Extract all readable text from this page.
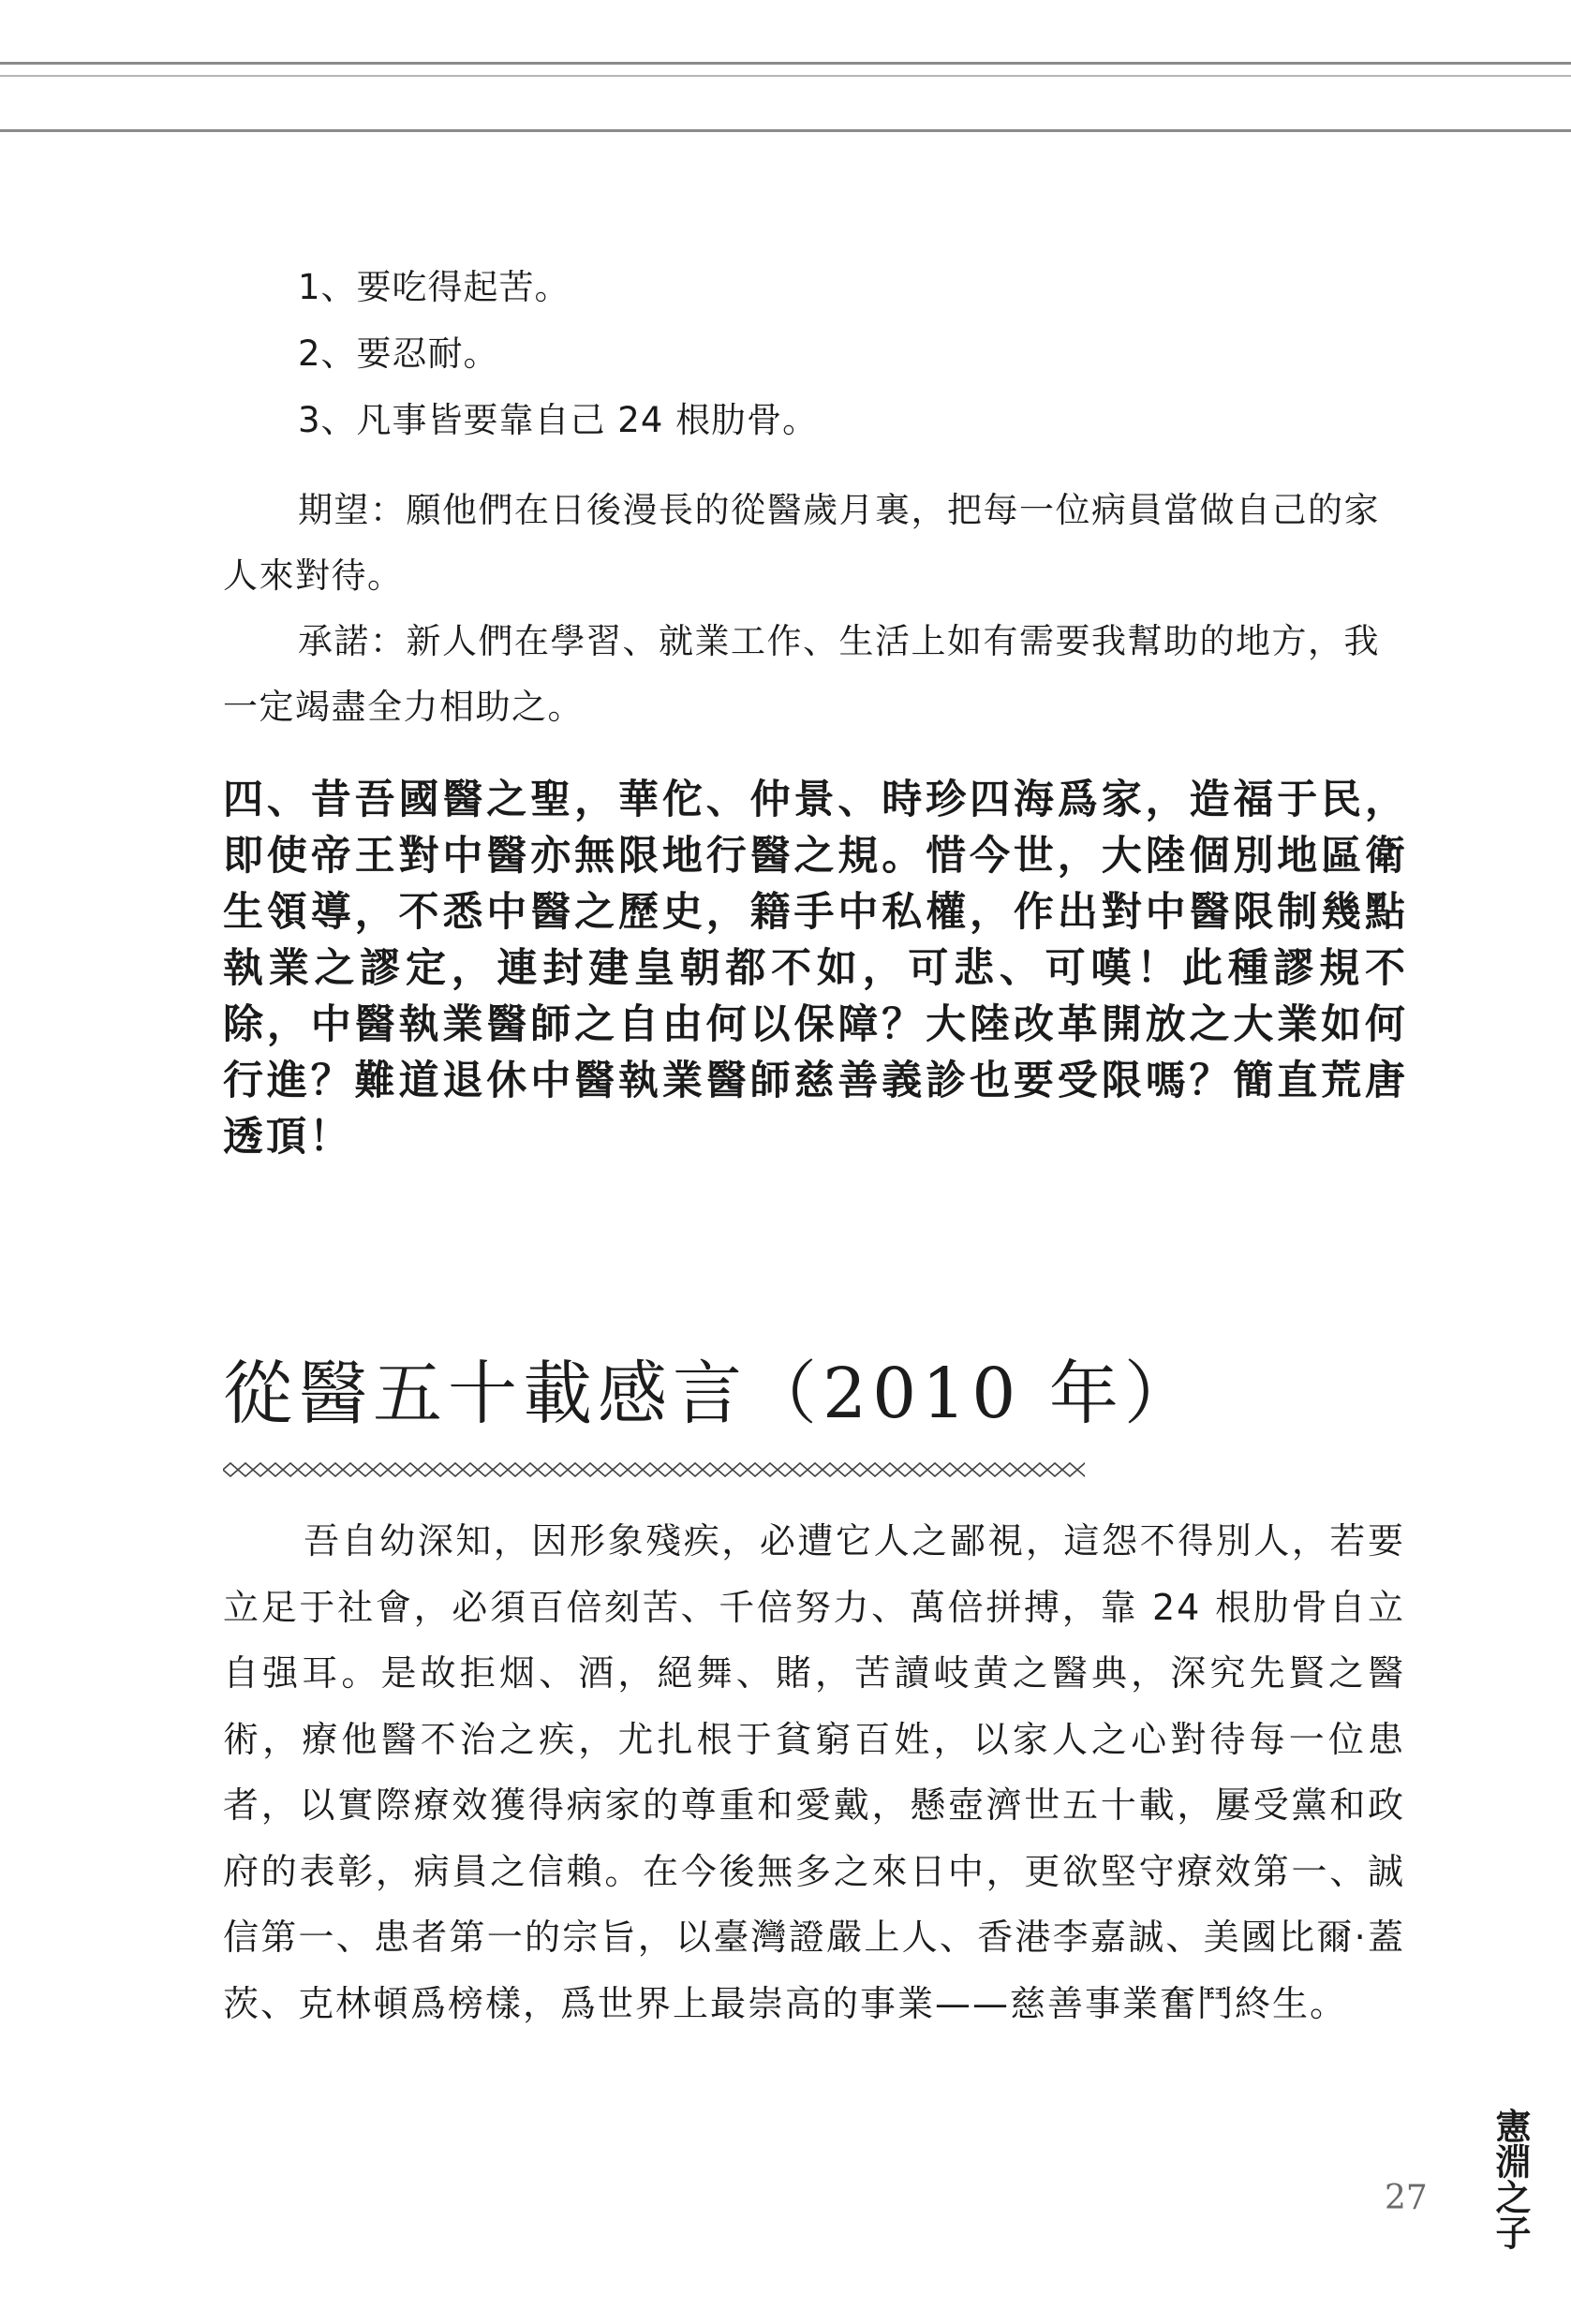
1、要吃得起苦。
2、要忍耐。
3、凡事皆要靠自己 24 根肋骨。

期望：願他們在日後漫長的從醫歲月裏，把每一位病員當做自己的家人來對待。

承諾：新人們在學習、就業工作、生活上如有需要我幫助的地方，我一定竭盡全力相助之。

四、昔吾國醫之聖，華佗、仲景、時珍四海爲家，造福于民，即使帝王對中醫亦無限地行醫之規。惜今世，大陸個別地區衛生領導，不悉中醫之歷史，籍手中私權，作出對中醫限制幾點執業之謬定，連封建皇朝都不如，可悲、可嘆！此種謬規不除，中醫執業醫師之自由何以保障？大陸改革開放之大業如何行進？難道退休中醫執業醫師慈善義診也要受限嗎？簡直荒唐透頂！

從醫五十載感言（2010 年）

吾自幼深知，因形象殘疾，必遭它人之鄙視，這怨不得別人，若要立足于社會，必須百倍刻苦、千倍努力、萬倍拼搏，靠 24 根肋骨自立自强耳。是故拒烟、酒，絕舞、賭，苦讀岐黄之醫典，深究先賢之醫術，療他醫不治之疾，尤扎根于貧窮百姓，以家人之心對待每一位患者，以實際療效獲得病家的尊重和愛戴，懸壺濟世五十載，屢受黨和政府的表彰，病員之信賴。在今後無多之來日中，更欲堅守療效第一、誠信第一、患者第一的宗旨，以臺灣證嚴上人、香港李嘉誠、美國比爾·蓋茨、克林頓爲榜樣，爲世界上最崇高的事業——慈善事業奮鬥終生。

27 憲淵之子
